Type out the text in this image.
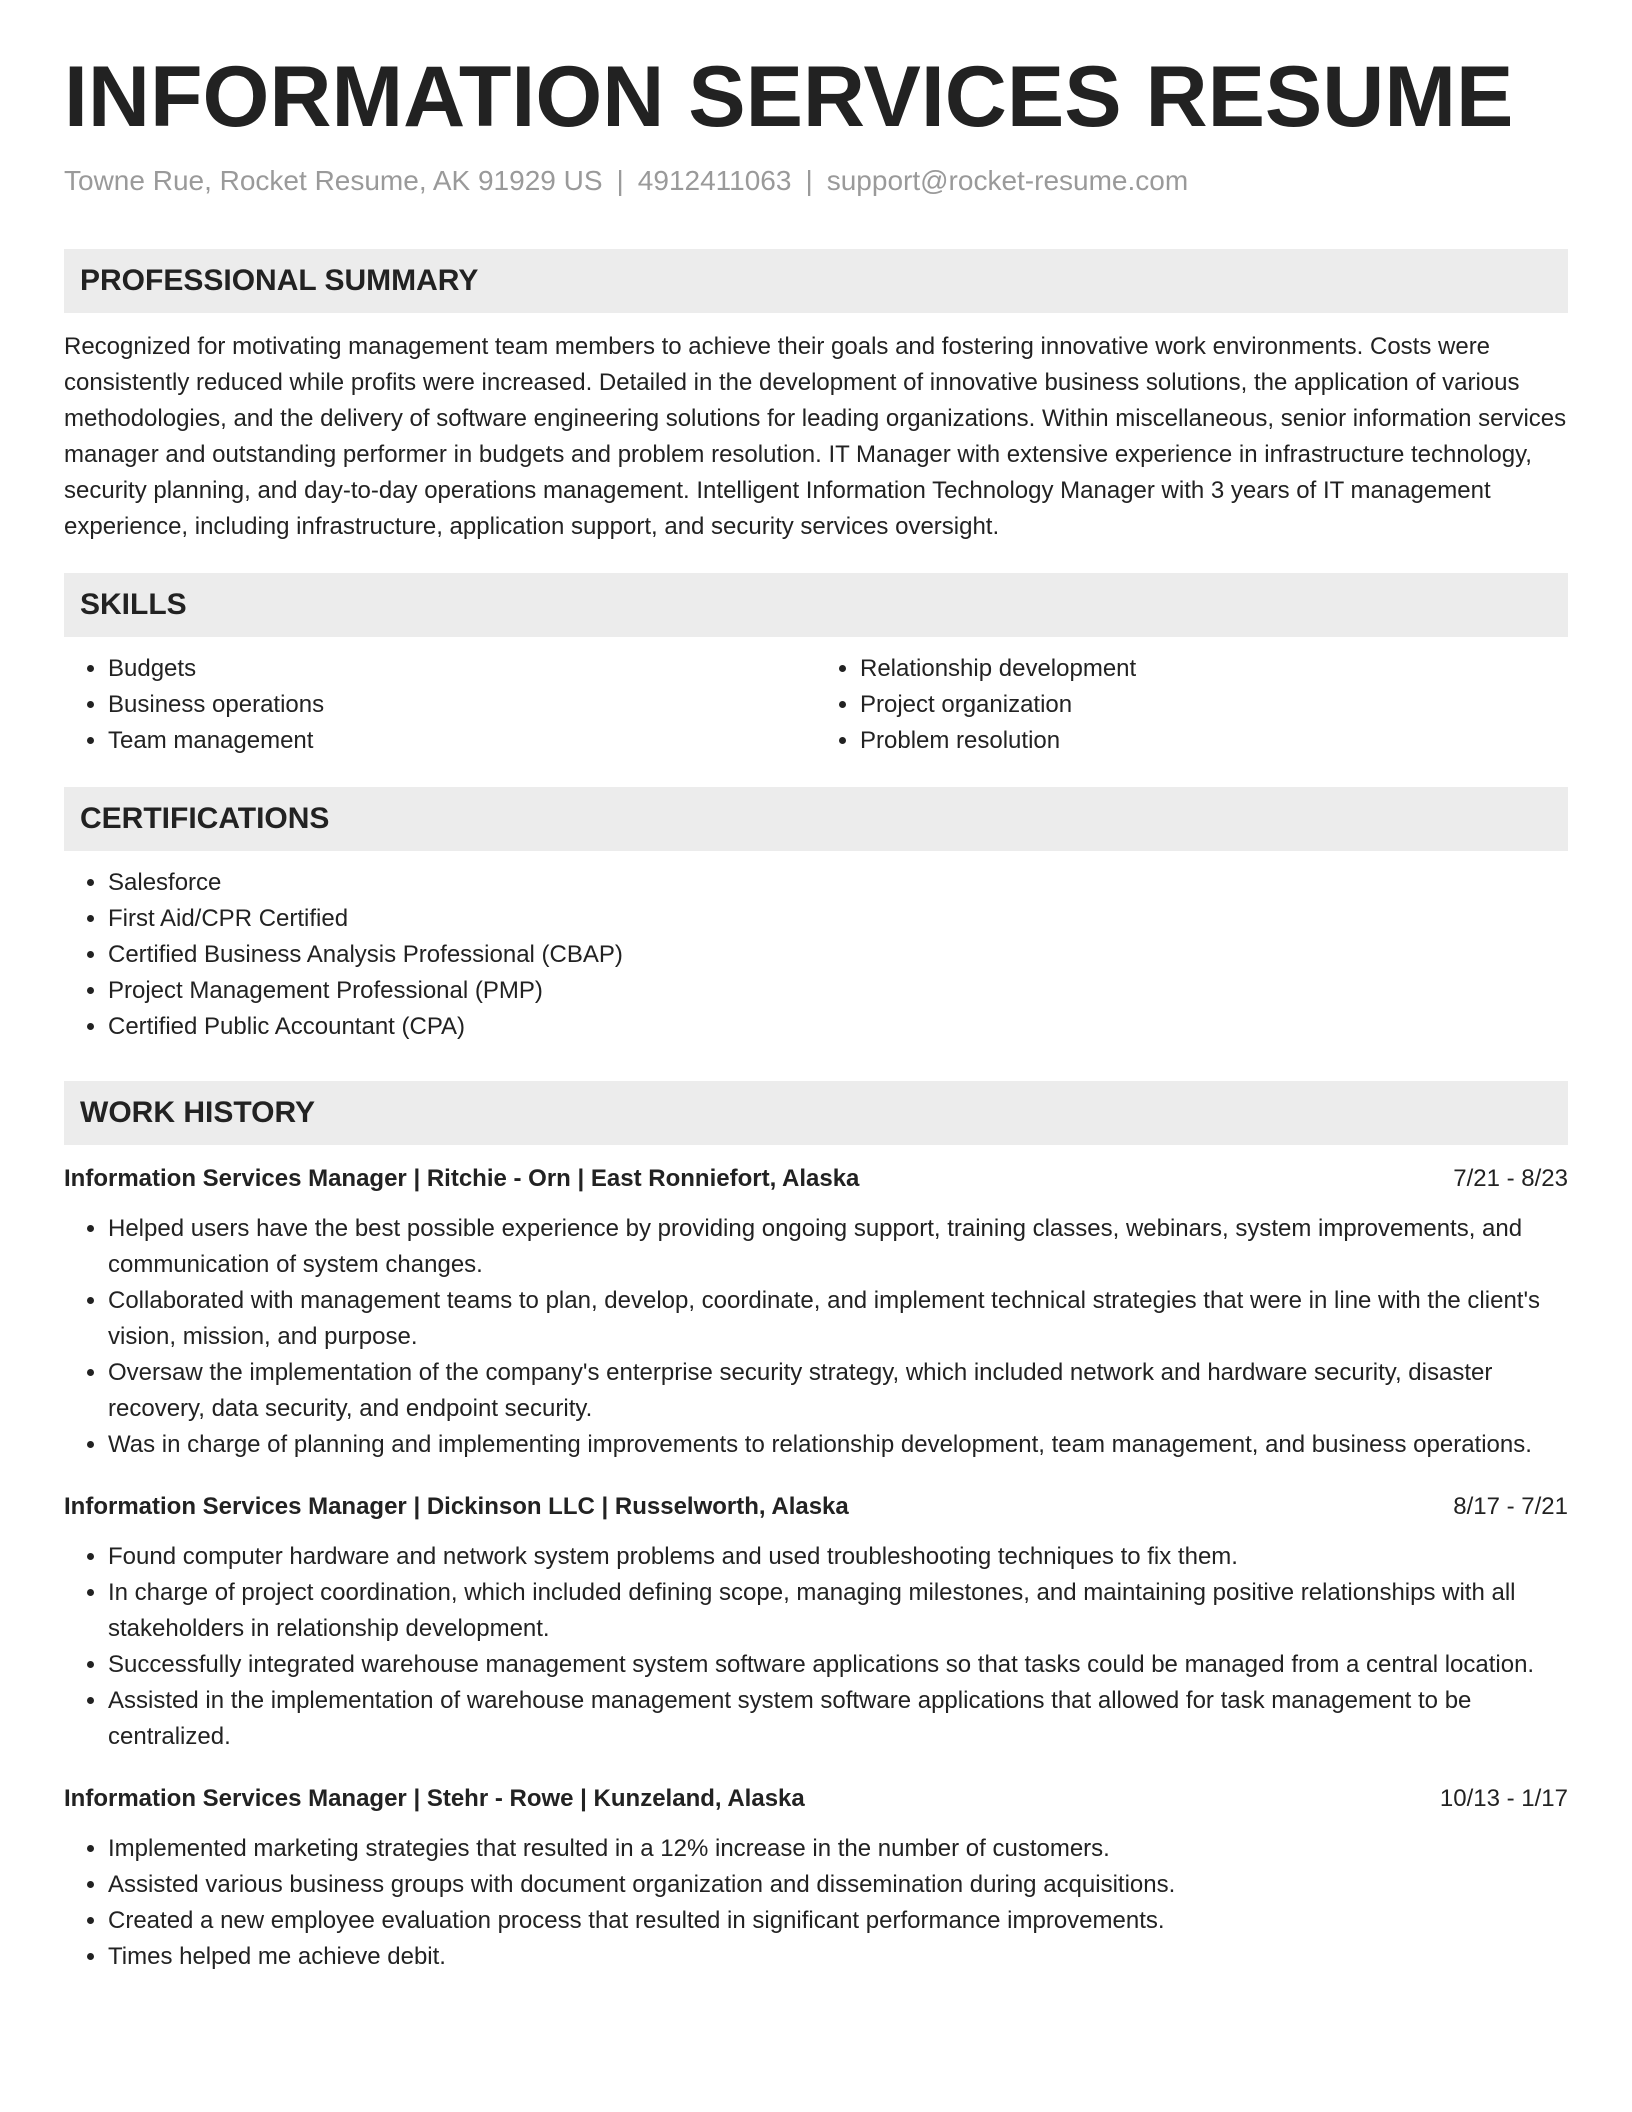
INFORMATION SERVICES RESUME
Towne Rue, Rocket Resume, AK 91929 US | 4912411063 | support@rocket-resume.com
PROFESSIONAL SUMMARY

Recognized for motivating management team members to achieve their goals and fostering innovative work environments. Costs were consistently reduced while profits were increased. Detailed in the development of innovative business solutions, the application of various methodologies, and the delivery of software engineering solutions for leading organizations. Within miscellaneous, senior information services manager and outstanding performer in budgets and problem resolution. IT Manager with extensive experience in infrastructure technology, security planning, and day-to-day operations management. Intelligent Information Technology Manager with 3 years of IT management experience, including infrastructure, application support, and security services oversight.

SKILLS
• Budgets
• Business operations
• Team management
• Relationship development
• Project organization
• Problem resolution
CERTIFICATIONS
• Salesforce
• First Aid/CPR Certified
• Certified Business Analysis Professional (CBAP)
• Project Management Professional (PMP)
• Certified Public Accountant (CPA)
WORK HISTORY
Information Services Manager | Ritchie - Orn | East Ronniefort, Alaska	7/21 - 8/23
• Helped users have the best possible experience by providing ongoing support, training classes, webinars, system improvements, and communication of system changes.
• Collaborated with management teams to plan, develop, coordinate, and implement technical strategies that were in line with the client's vision, mission, and purpose.
• Oversaw the implementation of the company's enterprise security strategy, which included network and hardware security, disaster recovery, data security, and endpoint security.
• Was in charge of planning and implementing improvements to relationship development, team management, and business operations.
Information Services Manager | Dickinson LLC | Russelworth, Alaska	8/17 - 7/21
• Found computer hardware and network system problems and used troubleshooting techniques to fix them.
• In charge of project coordination, which included defining scope, managing milestones, and maintaining positive relationships with all stakeholders in relationship development.
• Successfully integrated warehouse management system software applications so that tasks could be managed from a central location.
• Assisted in the implementation of warehouse management system software applications that allowed for task management to be centralized.
Information Services Manager | Stehr - Rowe | Kunzeland, Alaska	10/13 - 1/17
• Implemented marketing strategies that resulted in a 12% increase in the number of customers.
• Assisted various business groups with document organization and dissemination during acquisitions.
• Created a new employee evaluation process that resulted in significant performance improvements.
• Times helped me achieve debit.
